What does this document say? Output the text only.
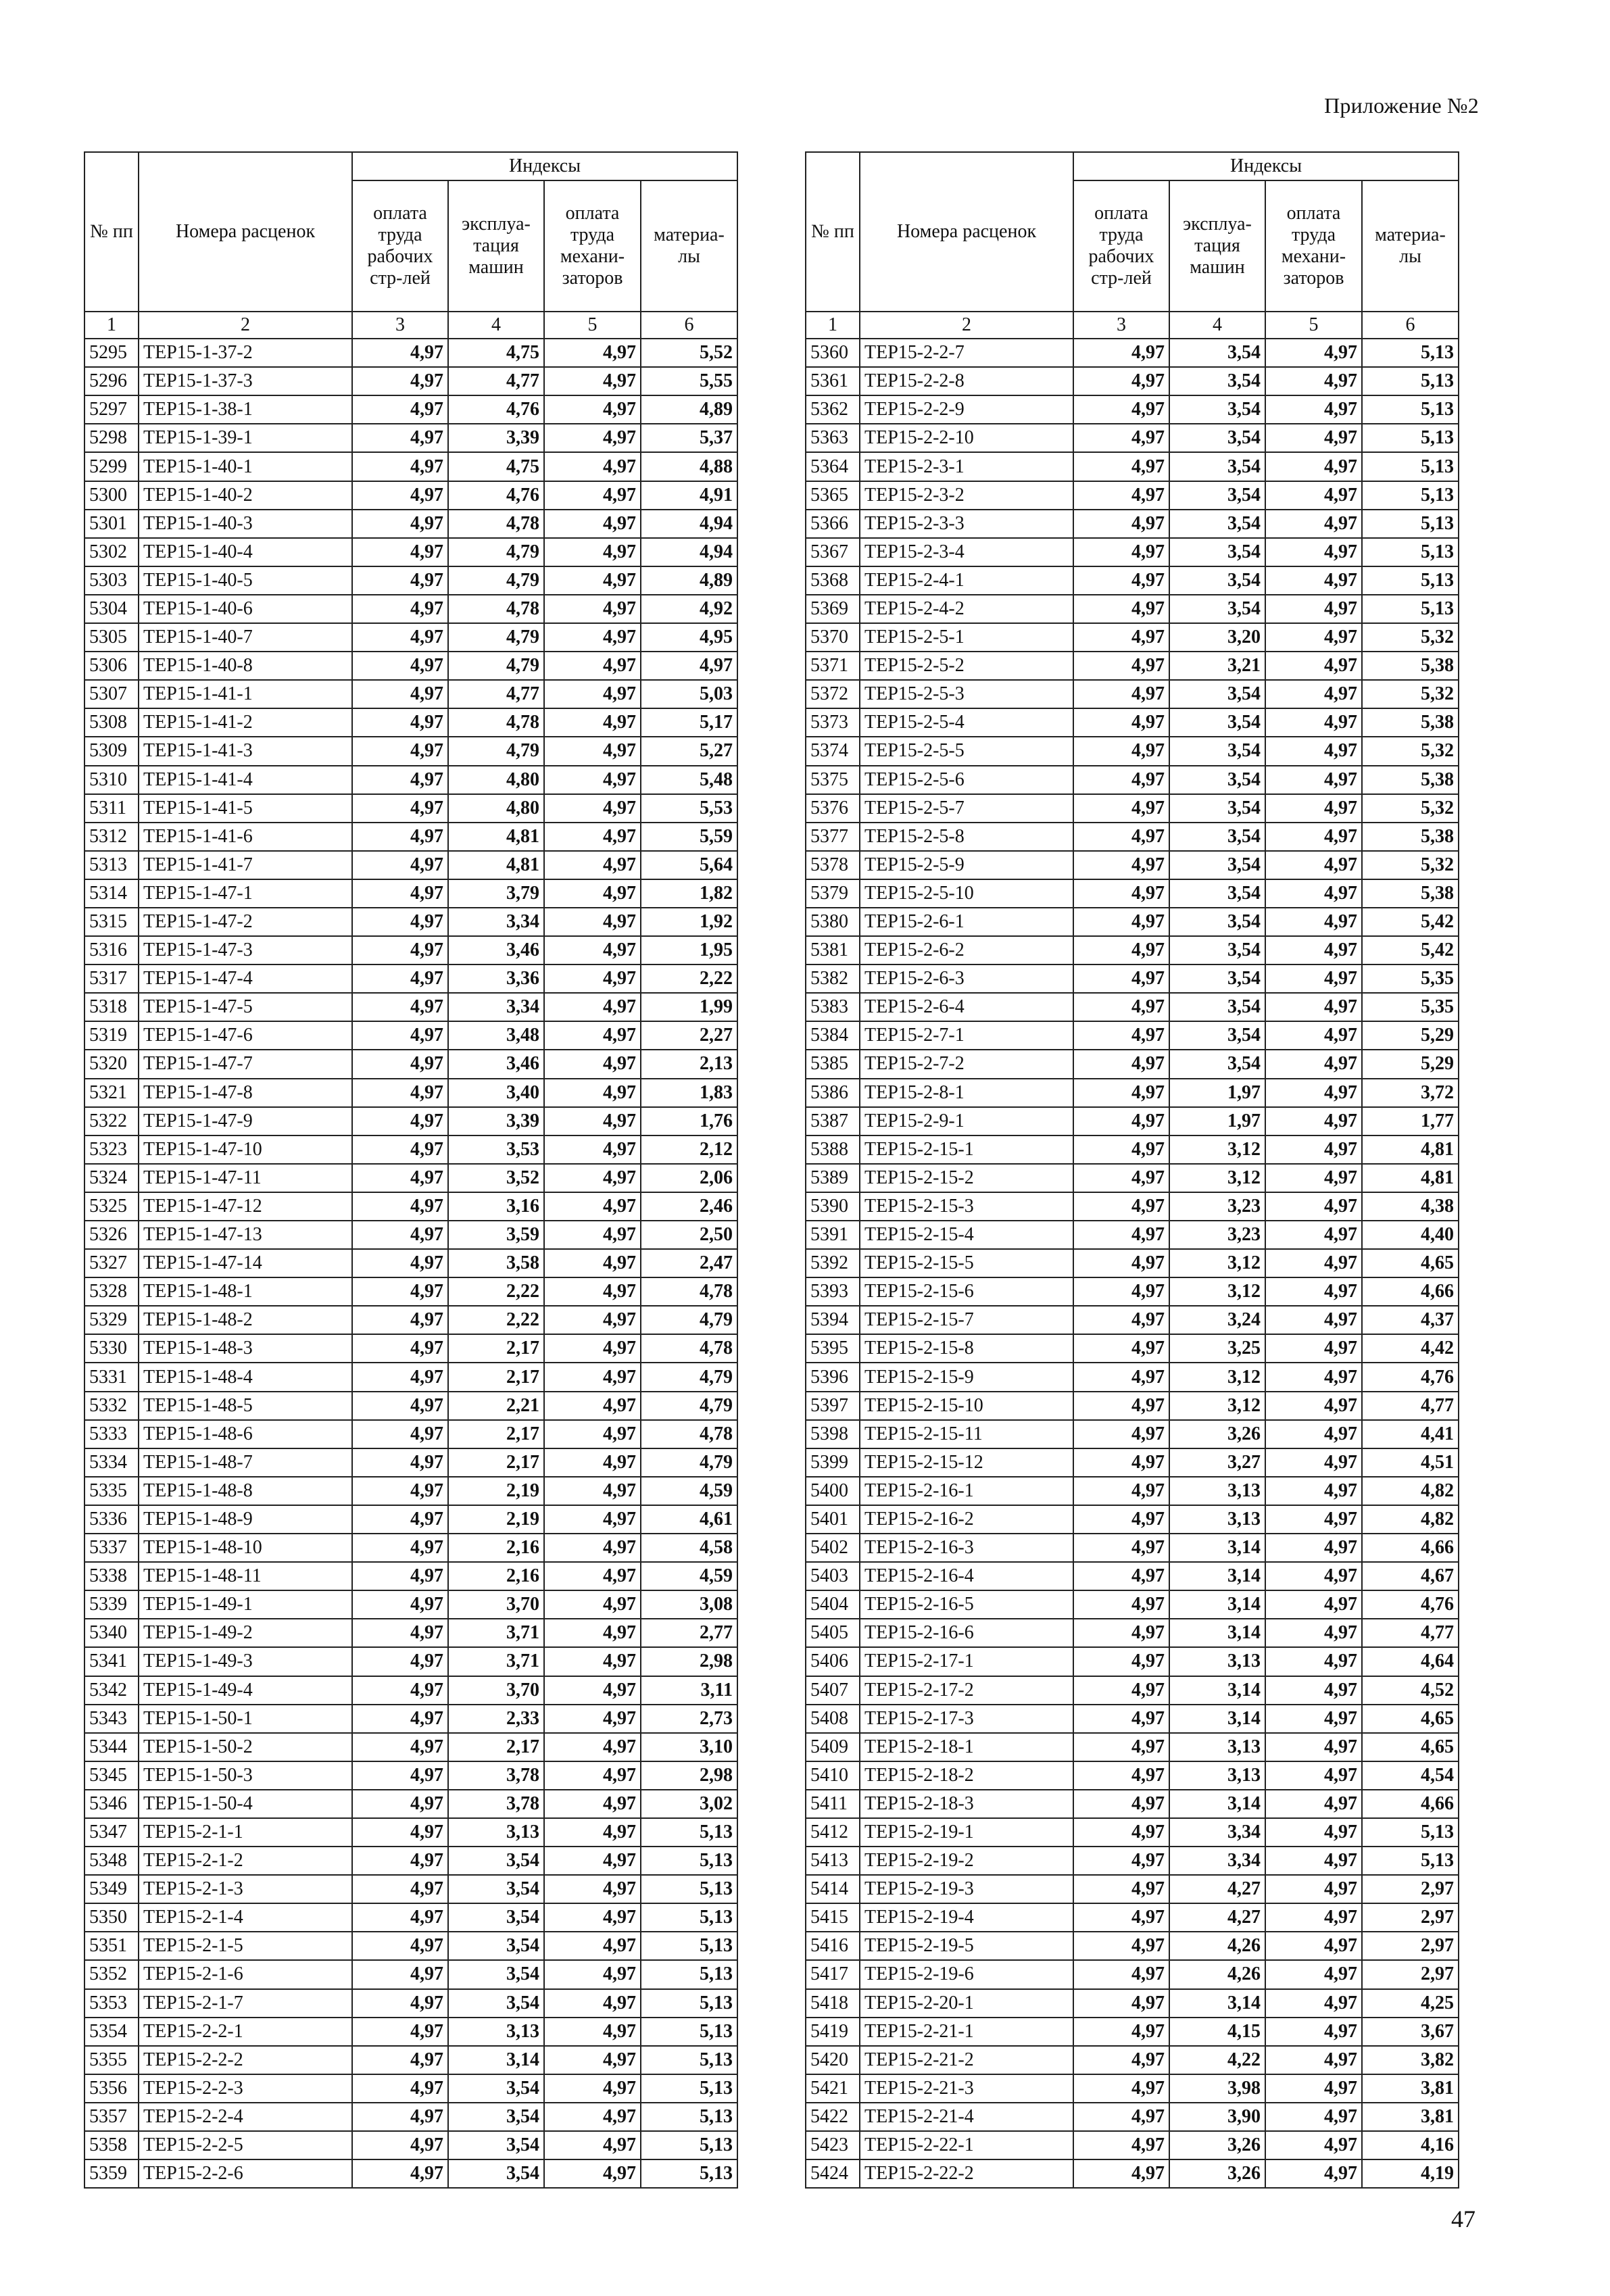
Приложение №2
№ пп	Номера расценок	Индексы			
		оплата труда рабочих стр-лей	эксплуа-тация машин	оплата труда механи-заторов	материа-лы
1	2	3	4	5	6
5295	ТЕР15-1-37-2	4,97	4,75	4,97	5,52
5296	ТЕР15-1-37-3	4,97	4,77	4,97	5,55
5297	ТЕР15-1-38-1	4,97	4,76	4,97	4,89
5298	ТЕР15-1-39-1	4,97	3,39	4,97	5,37
5299	ТЕР15-1-40-1	4,97	4,75	4,97	4,88
5300	ТЕР15-1-40-2	4,97	4,76	4,97	4,91
5301	ТЕР15-1-40-3	4,97	4,78	4,97	4,94
5302	ТЕР15-1-40-4	4,97	4,79	4,97	4,94
5303	ТЕР15-1-40-5	4,97	4,79	4,97	4,89
5304	ТЕР15-1-40-6	4,97	4,78	4,97	4,92
5305	ТЕР15-1-40-7	4,97	4,79	4,97	4,95
5306	ТЕР15-1-40-8	4,97	4,79	4,97	4,97
5307	ТЕР15-1-41-1	4,97	4,77	4,97	5,03
5308	ТЕР15-1-41-2	4,97	4,78	4,97	5,17
5309	ТЕР15-1-41-3	4,97	4,79	4,97	5,27
5310	ТЕР15-1-41-4	4,97	4,80	4,97	5,48
5311	ТЕР15-1-41-5	4,97	4,80	4,97	5,53
5312	ТЕР15-1-41-6	4,97	4,81	4,97	5,59
5313	ТЕР15-1-41-7	4,97	4,81	4,97	5,64
5314	ТЕР15-1-47-1	4,97	3,79	4,97	1,82
5315	ТЕР15-1-47-2	4,97	3,34	4,97	1,92
5316	ТЕР15-1-47-3	4,97	3,46	4,97	1,95
5317	ТЕР15-1-47-4	4,97	3,36	4,97	2,22
5318	ТЕР15-1-47-5	4,97	3,34	4,97	1,99
5319	ТЕР15-1-47-6	4,97	3,48	4,97	2,27
5320	ТЕР15-1-47-7	4,97	3,46	4,97	2,13
5321	ТЕР15-1-47-8	4,97	3,40	4,97	1,83
5322	ТЕР15-1-47-9	4,97	3,39	4,97	1,76
5323	ТЕР15-1-47-10	4,97	3,53	4,97	2,12
5324	ТЕР15-1-47-11	4,97	3,52	4,97	2,06
5325	ТЕР15-1-47-12	4,97	3,16	4,97	2,46
5326	ТЕР15-1-47-13	4,97	3,59	4,97	2,50
5327	ТЕР15-1-47-14	4,97	3,58	4,97	2,47
5328	ТЕР15-1-48-1	4,97	2,22	4,97	4,78
5329	ТЕР15-1-48-2	4,97	2,22	4,97	4,79
5330	ТЕР15-1-48-3	4,97	2,17	4,97	4,78
5331	ТЕР15-1-48-4	4,97	2,17	4,97	4,79
5332	ТЕР15-1-48-5	4,97	2,21	4,97	4,79
5333	ТЕР15-1-48-6	4,97	2,17	4,97	4,78
5334	ТЕР15-1-48-7	4,97	2,17	4,97	4,79
5335	ТЕР15-1-48-8	4,97	2,19	4,97	4,59
5336	ТЕР15-1-48-9	4,97	2,19	4,97	4,61
5337	ТЕР15-1-48-10	4,97	2,16	4,97	4,58
5338	ТЕР15-1-48-11	4,97	2,16	4,97	4,59
5339	ТЕР15-1-49-1	4,97	3,70	4,97	3,08
5340	ТЕР15-1-49-2	4,97	3,71	4,97	2,77
5341	ТЕР15-1-49-3	4,97	3,71	4,97	2,98
5342	ТЕР15-1-49-4	4,97	3,70	4,97	3,11
5343	ТЕР15-1-50-1	4,97	2,33	4,97	2,73
5344	ТЕР15-1-50-2	4,97	2,17	4,97	3,10
5345	ТЕР15-1-50-3	4,97	3,78	4,97	2,98
5346	ТЕР15-1-50-4	4,97	3,78	4,97	3,02
5347	ТЕР15-2-1-1	4,97	3,13	4,97	5,13
5348	ТЕР15-2-1-2	4,97	3,54	4,97	5,13
5349	ТЕР15-2-1-3	4,97	3,54	4,97	5,13
5350	ТЕР15-2-1-4	4,97	3,54	4,97	5,13
5351	ТЕР15-2-1-5	4,97	3,54	4,97	5,13
5352	ТЕР15-2-1-6	4,97	3,54	4,97	5,13
5353	ТЕР15-2-1-7	4,97	3,54	4,97	5,13
5354	ТЕР15-2-2-1	4,97	3,13	4,97	5,13
5355	ТЕР15-2-2-2	4,97	3,14	4,97	5,13
5356	ТЕР15-2-2-3	4,97	3,54	4,97	5,13
5357	ТЕР15-2-2-4	4,97	3,54	4,97	5,13
5358	ТЕР15-2-2-5	4,97	3,54	4,97	5,13
5359	ТЕР15-2-2-6	4,97	3,54	4,97	5,13
№ пп	Номера расценок	Индексы			
		оплата труда рабочих стр-лей	эксплуа-тация машин	оплата труда механи-заторов	материа-лы
1	2	3	4	5	6
5360	ТЕР15-2-2-7	4,97	3,54	4,97	5,13
5361	ТЕР15-2-2-8	4,97	3,54	4,97	5,13
5362	ТЕР15-2-2-9	4,97	3,54	4,97	5,13
5363	ТЕР15-2-2-10	4,97	3,54	4,97	5,13
5364	ТЕР15-2-3-1	4,97	3,54	4,97	5,13
5365	ТЕР15-2-3-2	4,97	3,54	4,97	5,13
5366	ТЕР15-2-3-3	4,97	3,54	4,97	5,13
5367	ТЕР15-2-3-4	4,97	3,54	4,97	5,13
5368	ТЕР15-2-4-1	4,97	3,54	4,97	5,13
5369	ТЕР15-2-4-2	4,97	3,54	4,97	5,13
5370	ТЕР15-2-5-1	4,97	3,20	4,97	5,32
5371	ТЕР15-2-5-2	4,97	3,21	4,97	5,38
5372	ТЕР15-2-5-3	4,97	3,54	4,97	5,32
5373	ТЕР15-2-5-4	4,97	3,54	4,97	5,38
5374	ТЕР15-2-5-5	4,97	3,54	4,97	5,32
5375	ТЕР15-2-5-6	4,97	3,54	4,97	5,38
5376	ТЕР15-2-5-7	4,97	3,54	4,97	5,32
5377	ТЕР15-2-5-8	4,97	3,54	4,97	5,38
5378	ТЕР15-2-5-9	4,97	3,54	4,97	5,32
5379	ТЕР15-2-5-10	4,97	3,54	4,97	5,38
5380	ТЕР15-2-6-1	4,97	3,54	4,97	5,42
5381	ТЕР15-2-6-2	4,97	3,54	4,97	5,42
5382	ТЕР15-2-6-3	4,97	3,54	4,97	5,35
5383	ТЕР15-2-6-4	4,97	3,54	4,97	5,35
5384	ТЕР15-2-7-1	4,97	3,54	4,97	5,29
5385	ТЕР15-2-7-2	4,97	3,54	4,97	5,29
5386	ТЕР15-2-8-1	4,97	1,97	4,97	3,72
5387	ТЕР15-2-9-1	4,97	1,97	4,97	1,77
5388	ТЕР15-2-15-1	4,97	3,12	4,97	4,81
5389	ТЕР15-2-15-2	4,97	3,12	4,97	4,81
5390	ТЕР15-2-15-3	4,97	3,23	4,97	4,38
5391	ТЕР15-2-15-4	4,97	3,23	4,97	4,40
5392	ТЕР15-2-15-5	4,97	3,12	4,97	4,65
5393	ТЕР15-2-15-6	4,97	3,12	4,97	4,66
5394	ТЕР15-2-15-7	4,97	3,24	4,97	4,37
5395	ТЕР15-2-15-8	4,97	3,25	4,97	4,42
5396	ТЕР15-2-15-9	4,97	3,12	4,97	4,76
5397	ТЕР15-2-15-10	4,97	3,12	4,97	4,77
5398	ТЕР15-2-15-11	4,97	3,26	4,97	4,41
5399	ТЕР15-2-15-12	4,97	3,27	4,97	4,51
5400	ТЕР15-2-16-1	4,97	3,13	4,97	4,82
5401	ТЕР15-2-16-2	4,97	3,13	4,97	4,82
5402	ТЕР15-2-16-3	4,97	3,14	4,97	4,66
5403	ТЕР15-2-16-4	4,97	3,14	4,97	4,67
5404	ТЕР15-2-16-5	4,97	3,14	4,97	4,76
5405	ТЕР15-2-16-6	4,97	3,14	4,97	4,77
5406	ТЕР15-2-17-1	4,97	3,13	4,97	4,64
5407	ТЕР15-2-17-2	4,97	3,14	4,97	4,52
5408	ТЕР15-2-17-3	4,97	3,14	4,97	4,65
5409	ТЕР15-2-18-1	4,97	3,13	4,97	4,65
5410	ТЕР15-2-18-2	4,97	3,13	4,97	4,54
5411	ТЕР15-2-18-3	4,97	3,14	4,97	4,66
5412	ТЕР15-2-19-1	4,97	3,34	4,97	5,13
5413	ТЕР15-2-19-2	4,97	3,34	4,97	5,13
5414	ТЕР15-2-19-3	4,97	4,27	4,97	2,97
5415	ТЕР15-2-19-4	4,97	4,27	4,97	2,97
5416	ТЕР15-2-19-5	4,97	4,26	4,97	2,97
5417	ТЕР15-2-19-6	4,97	4,26	4,97	2,97
5418	ТЕР15-2-20-1	4,97	3,14	4,97	4,25
5419	ТЕР15-2-21-1	4,97	4,15	4,97	3,67
5420	ТЕР15-2-21-2	4,97	4,22	4,97	3,82
5421	ТЕР15-2-21-3	4,97	3,98	4,97	3,81
5422	ТЕР15-2-21-4	4,97	3,90	4,97	3,81
5423	ТЕР15-2-22-1	4,97	3,26	4,97	4,16
5424	ТЕР15-2-22-2	4,97	3,26	4,97	4,19
47
